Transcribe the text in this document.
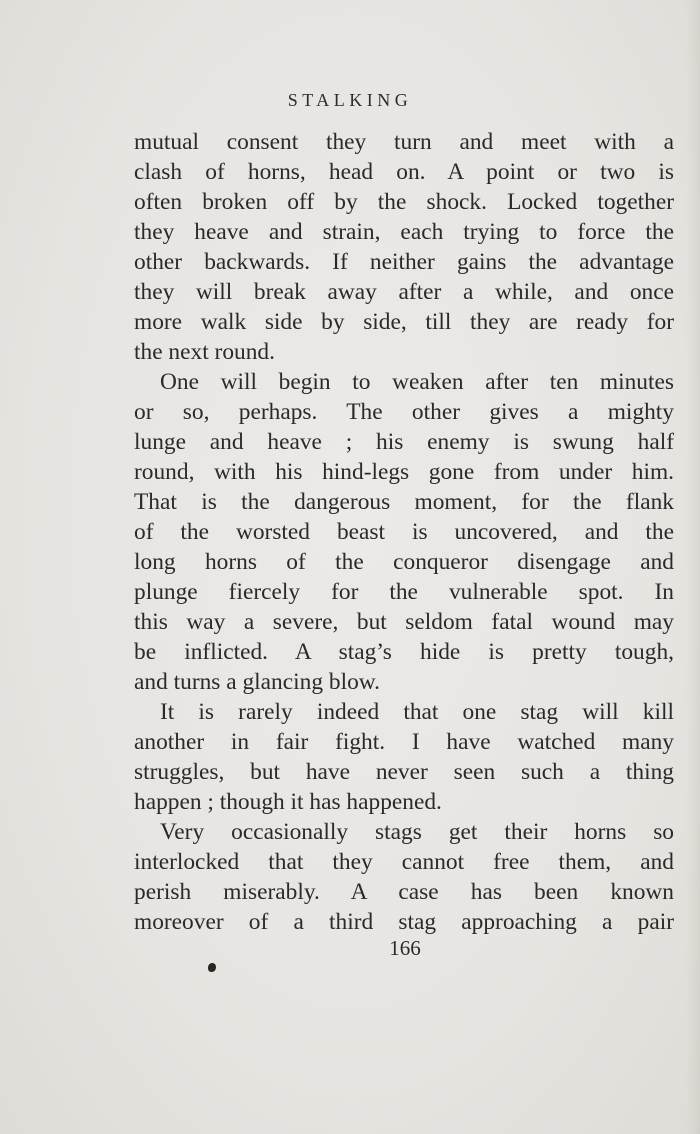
STALKING
mutual consent they turn and meet with a
clash of horns, head on. A point or two is
often broken off by the shock. Locked together
they heave and strain, each trying to force the
other backwards. If neither gains the advantage
they will break away after a while, and once
more walk side by side, till they are ready for
the next round.
One will begin to weaken after ten minutes
or so, perhaps. The other gives a mighty
lunge and heave ; his enemy is swung half
round, with his hind-legs gone from under him.
That is the dangerous moment, for the flank
of the worsted beast is uncovered, and the
long horns of the conqueror disengage and
plunge fiercely for the vulnerable spot. In
this way a severe, but seldom fatal wound may
be inflicted. A stag’s hide is pretty tough,
and turns a glancing blow.
It is rarely indeed that one stag will kill
another in fair fight. I have watched many
struggles, but have never seen such a thing
happen ; though it has happened.
Very occasionally stags get their horns so
interlocked that they cannot free them, and
perish miserably. A case has been known
moreover of a third stag approaching a pair
166
